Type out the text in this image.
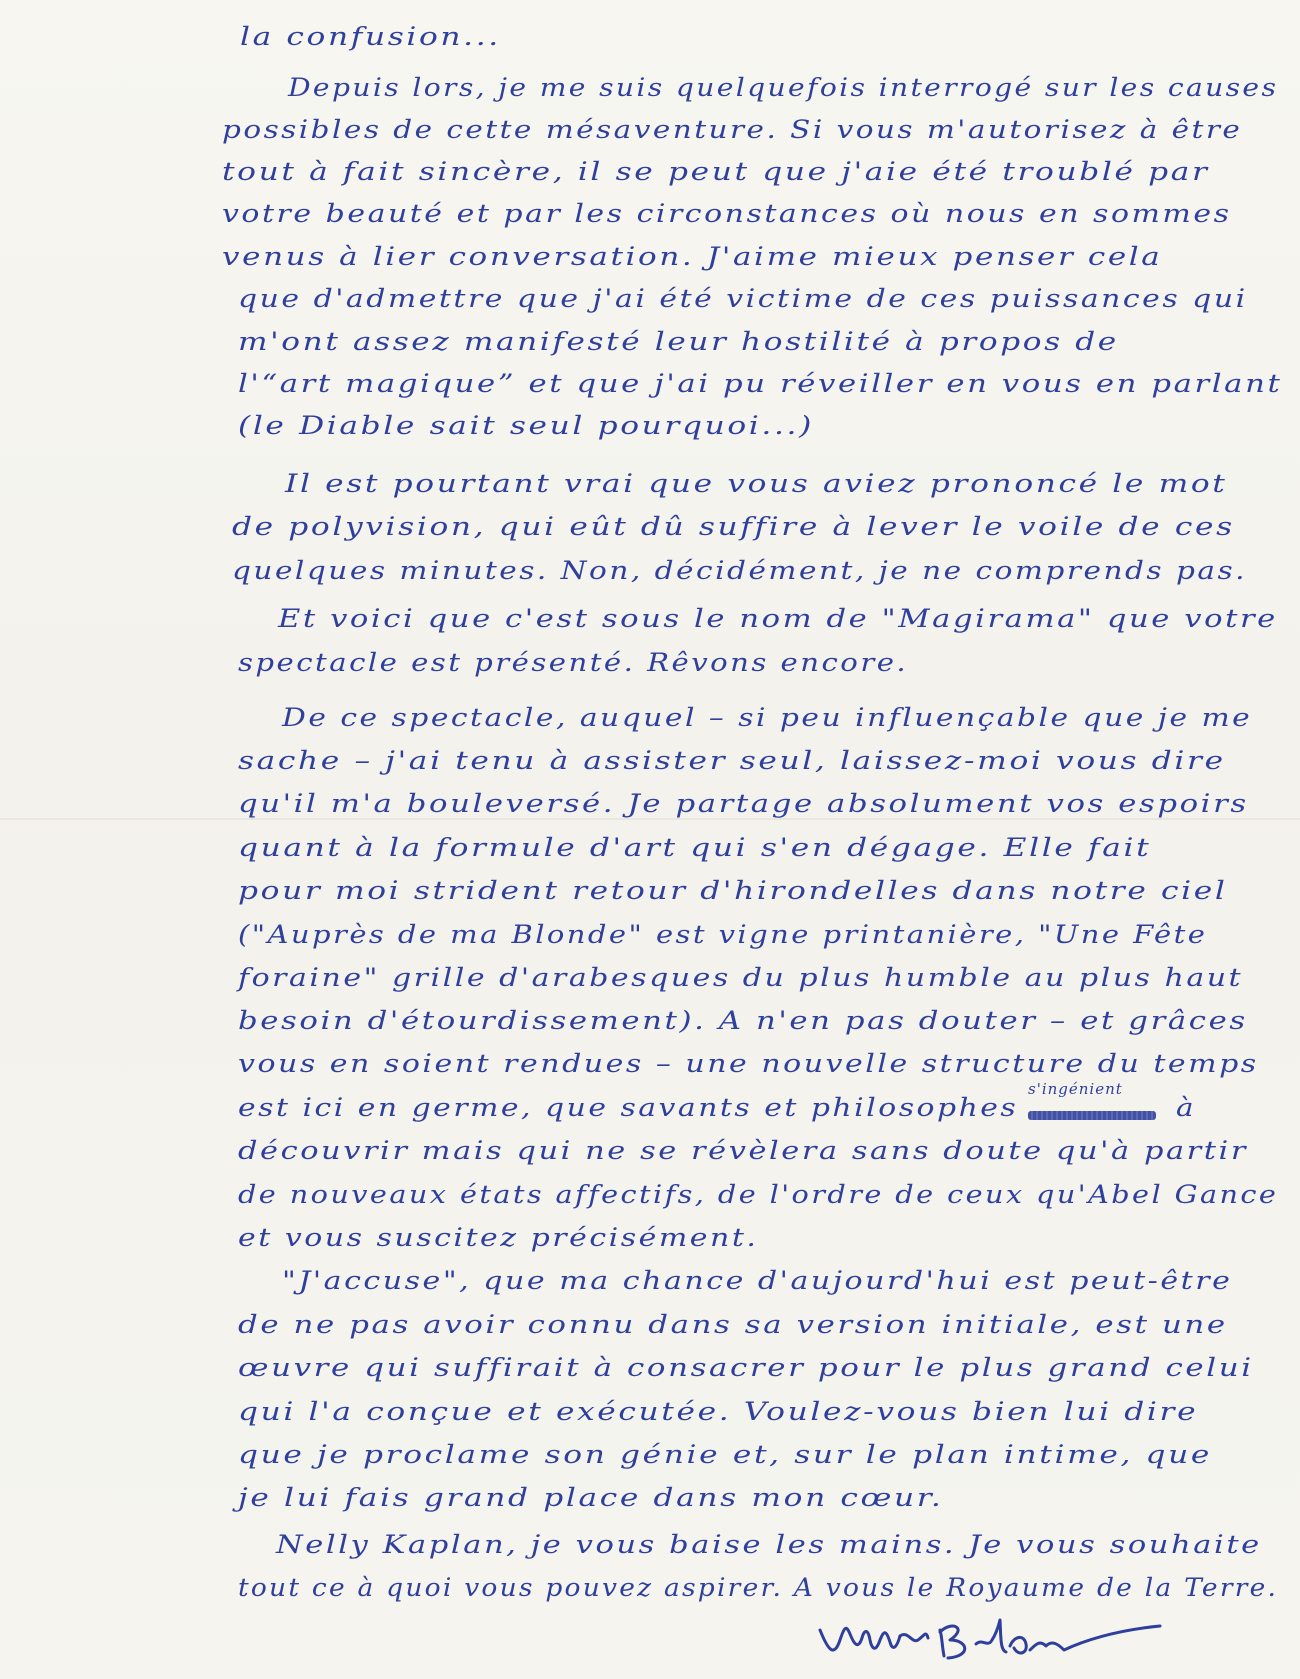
la confusion...
Depuis lors, je me suis quelquefois interrogé sur les causes
possibles de cette mésaventure. Si vous m'autorisez à être
tout à fait sincère, il se peut que j'aie été troublé par
votre beauté et par les circonstances où nous en sommes
venus à lier conversation. J'aime mieux penser cela
que d'admettre que j'ai été victime de ces puissances qui
m'ont assez manifesté leur hostilité à propos de
l'“art magique” et que j'ai pu réveiller en vous en parlant
(le Diable sait seul pourquoi...)
Il est pourtant vrai que vous aviez prononcé le mot
de polyvision, qui eût dû suffire à lever le voile de ces
quelques minutes. Non, décidément, je ne comprends pas.
Et voici que c'est sous le nom de "Magirama" que votre
spectacle est présenté. Rêvons encore.
De ce spectacle, auquel – si peu influençable que je me
sache – j'ai tenu à assister seul, laissez-moi vous dire
qu'il m'a bouleversé. Je partage absolument vos espoirs
quant à la formule d'art qui s'en dégage. Elle fait
pour moi strident retour d'hirondelles dans notre ciel
("Auprès de ma Blonde" est vigne printanière, "Une Fête
foraine" grille d'arabesques du plus humble au plus haut
besoin d'étourdissement). A n'en pas douter – et grâces
vous en soient rendues – une nouvelle structure du temps
est ici en germe, que savants et philosophes
s'ingénient
à
découvrir mais qui ne se révèlera sans doute qu'à partir
de nouveaux états affectifs, de l'ordre de ceux qu'Abel Gance
et vous suscitez précisément.
"J'accuse", que ma chance d'aujourd'hui est peut-être
de ne pas avoir connu dans sa version initiale, est une
œuvre qui suffirait à consacrer pour le plus grand celui
qui l'a conçue et exécutée. Voulez-vous bien lui dire
que je proclame son génie et, sur le plan intime, que
je lui fais grand place dans mon cœur.
Nelly Kaplan, je vous baise les mains. Je vous souhaite
tout ce à quoi vous pouvez aspirer. A vous le Royaume de la Terre.
